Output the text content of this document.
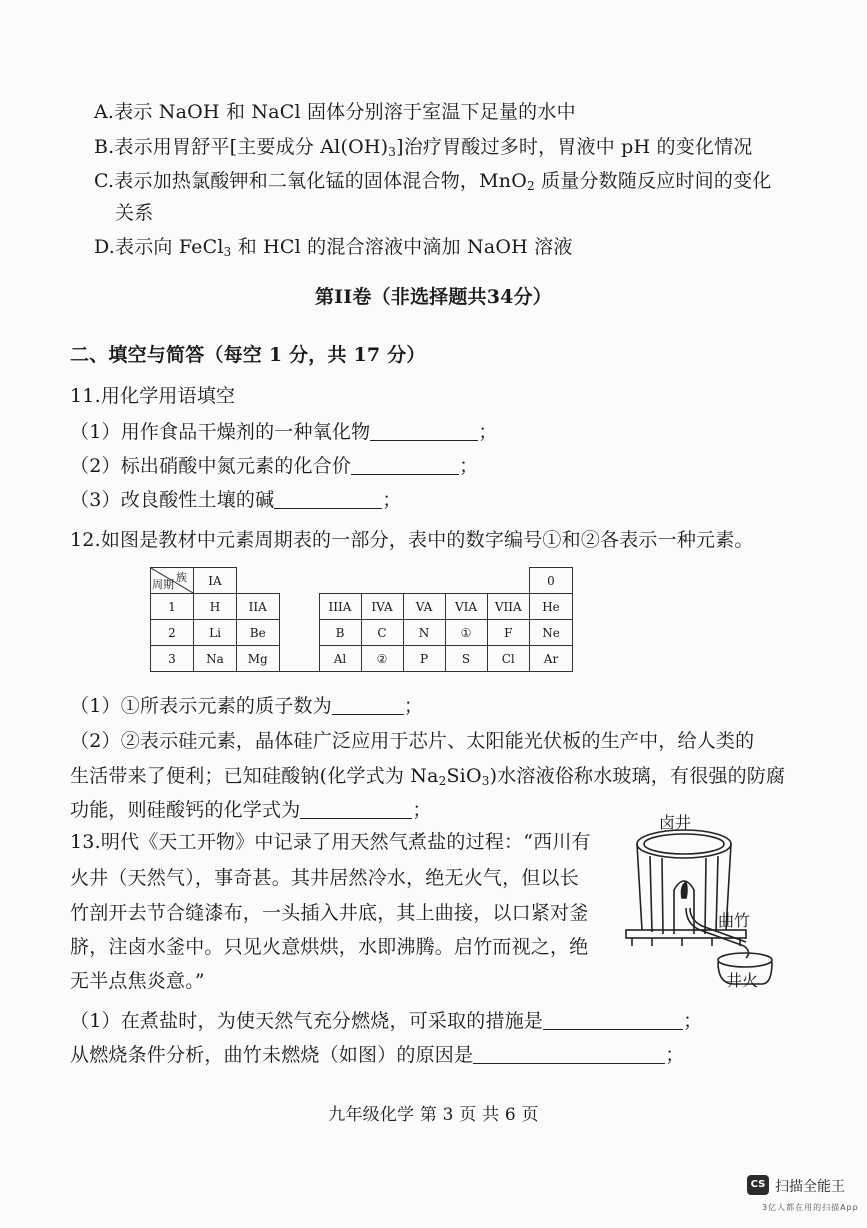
A.表示 NaOH 和 NaCl 固体分别溶于室温下足量的水中
B.表示用胃舒平[主要成分 $Al(OH)_3$]治疗胃酸过多时，胃液中 pH 的变化情况
C.表示加热氯酸钾和二氧化锰的固体混合物，MnO$_2$ 质量分数随反应时间的变化
关系
D.表示向 FeCl$_3$ 和 HCl 的混合溶液中滴加 NaOH 溶液
第II卷（非选择题共34分）
二、填空与简答（每空 1 分，共 17 分）
11.用化学用语填空
（1）用作食品干燥剂的一种氧化物	；
（2）标出硝酸中氮元素的化合价	；
（3）改良酸性土壤的碱	；
12.如图是教材中元素周期表的一部分，表中的数字编号①和②各表示一种元素。
族
周期	IA								0
1	H	IIA		IIIA	IVA	VA	VIA	VIIA	He
2	Li	Be		B	C	N	①	F	Ne
3	Na	Mg		Al	②	P	S	Cl	Ar
（1）①所表示元素的质子数为	；
（2）②表示硅元素，晶体硅广泛应用于芯片、太阳能光伏板的生产中，给人类的
生活带来了便利；已知硅酸钠(化学式为 $Na_2SiO_3$)水溶液俗称水玻璃，有很强的防腐
功能，则硅酸钙的化学式为	；
13.明代《天工开物》中记录了用天然气煮盐的过程：“西川有
火井（天然气），事奇甚。其井居然冷水，绝无火气，但以长
竹剖开去节合缝漆布，一头插入井底，其上曲接，以口紧对釜
脐，注卤水釜中。只见火意烘烘，水即沸腾。启竹而视之，绝
无半点焦炎意。”
（1）在煮盐时，为使天然气充分燃烧，可采取的措施是	；
从燃烧条件分析，曲竹未燃烧（如图）的原因是	；
卤井
曲竹
井火
九年级化学 第 3 页 共 6 页
CS 扫描全能王
3亿人都在用的扫描App
